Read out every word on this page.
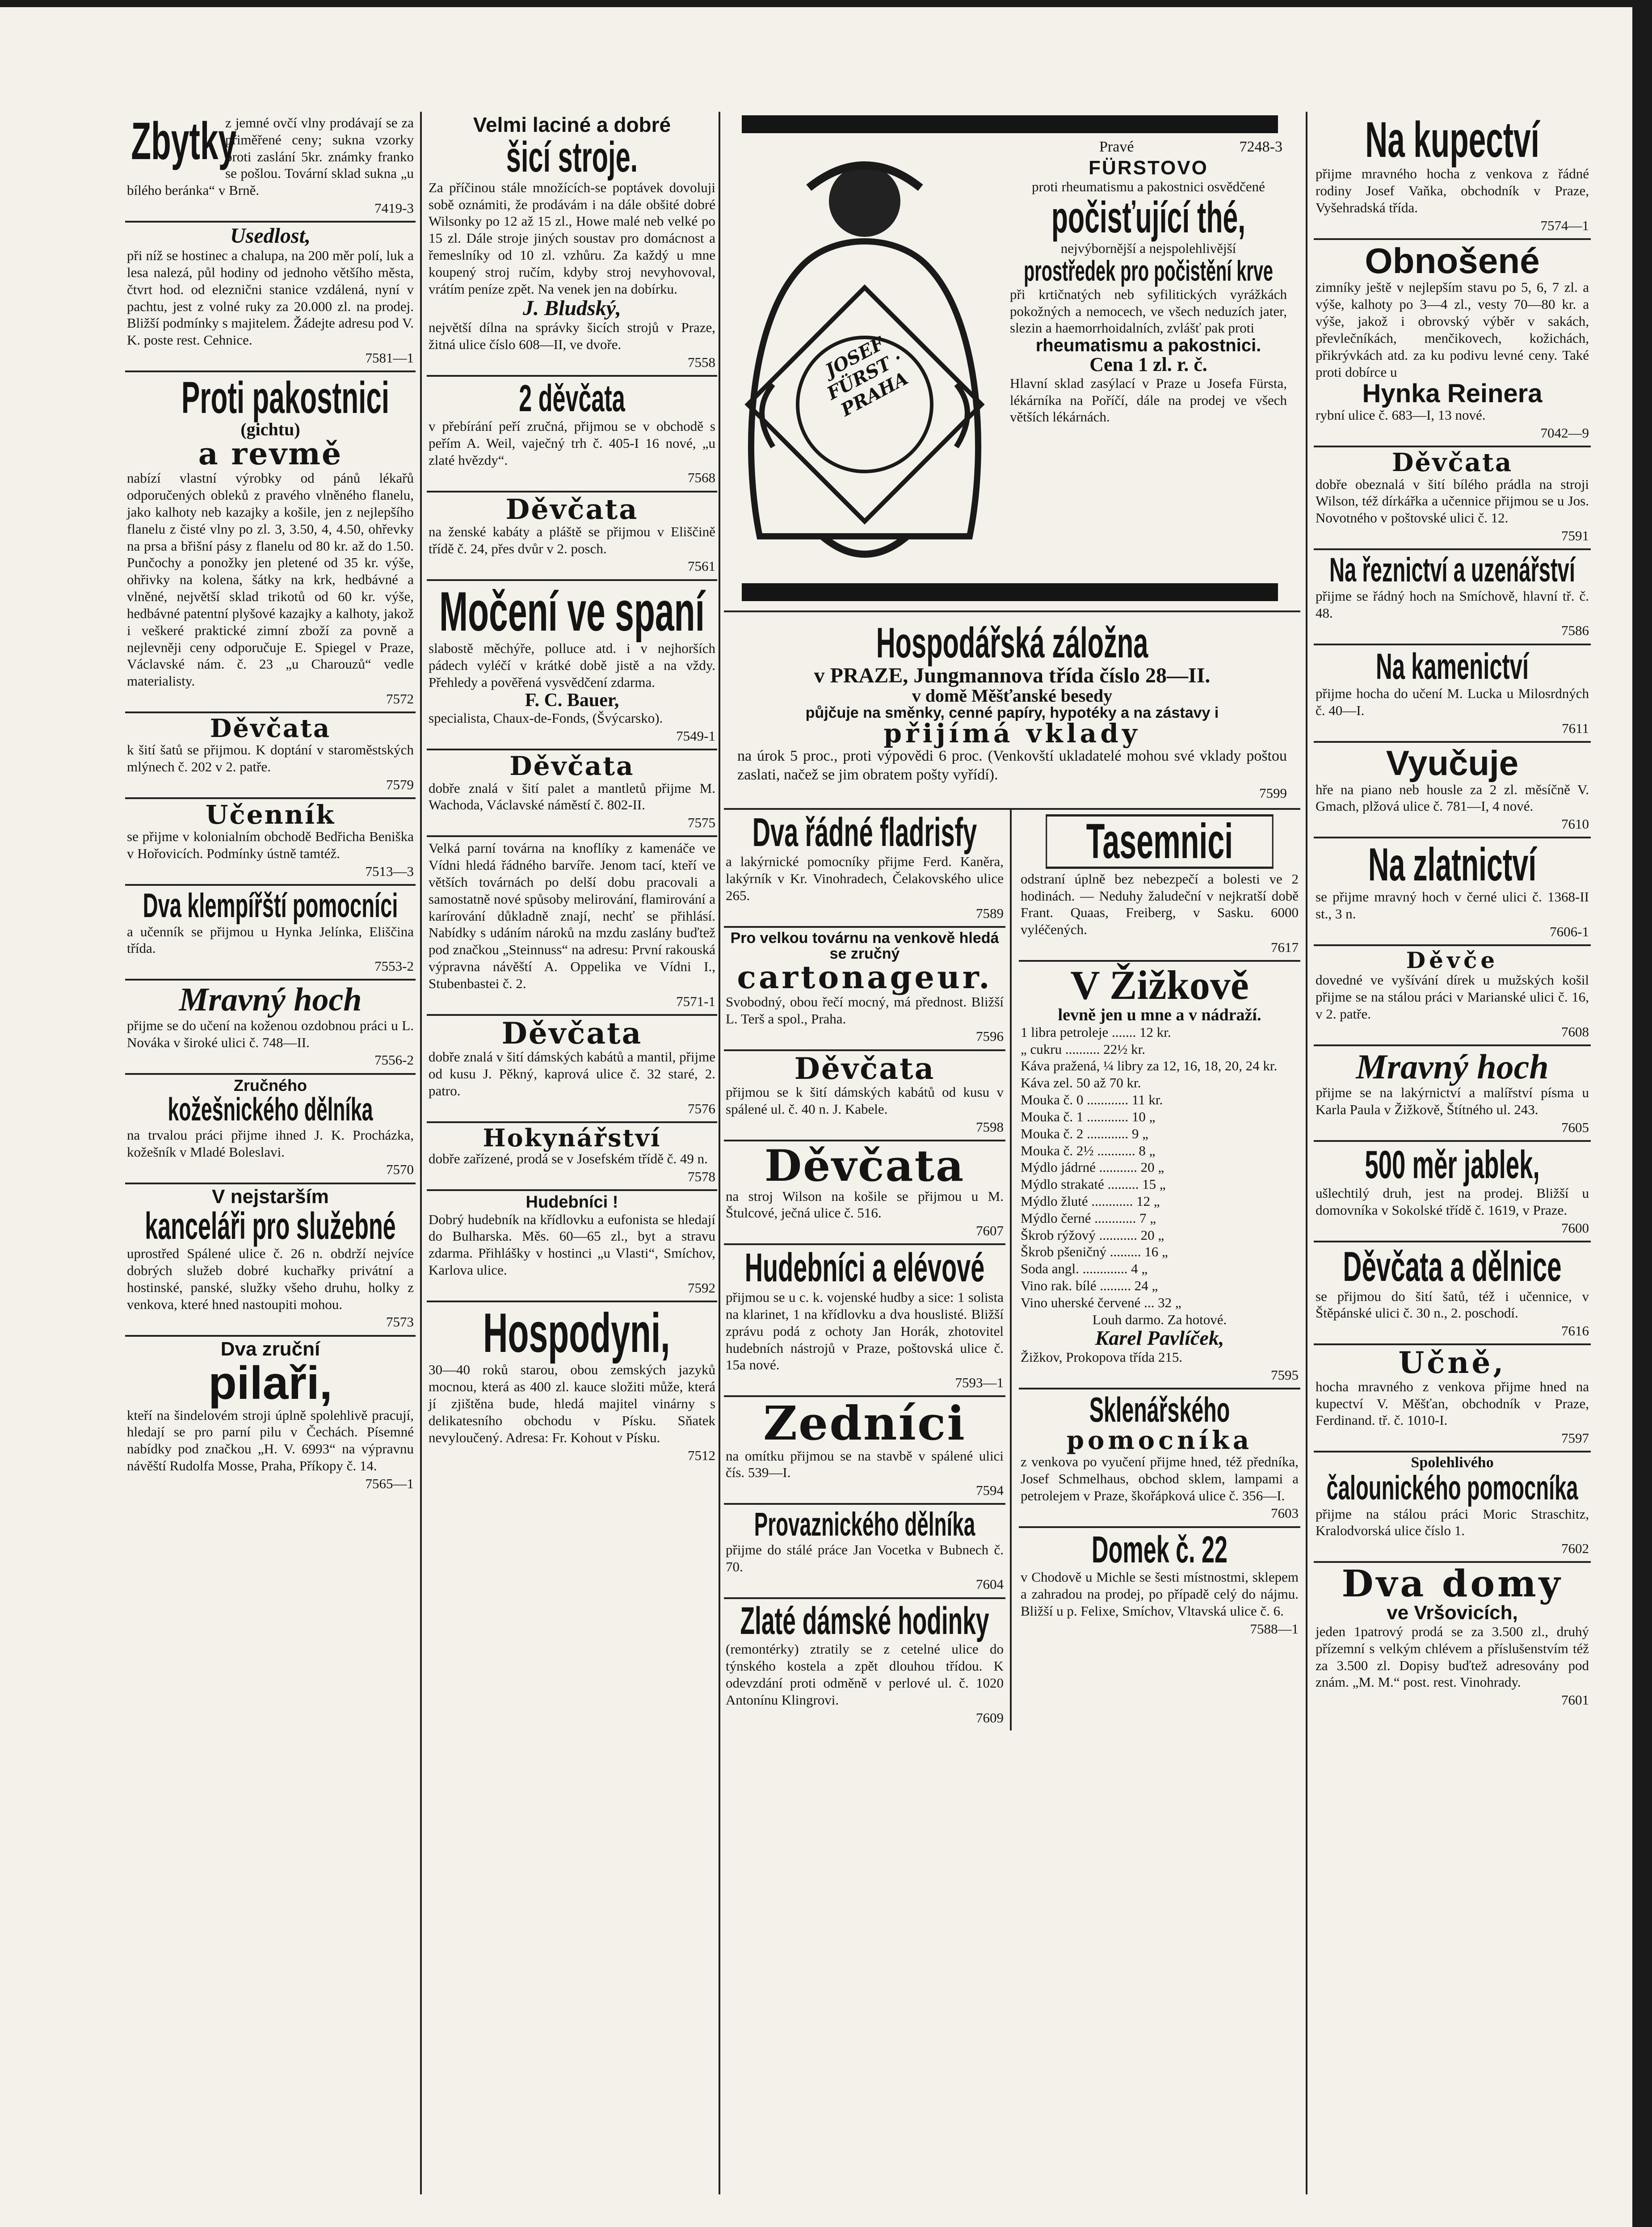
Zbytky
z jemné ovčí vlny prodávají se za přiměřené ceny; sukna vzorky proti zaslání 5kr. známky franko se pošlou. Tovární sklad sukna „u bílého beránka“ v Brně.
7419-3
Usedlost,
při níž se hostinec a chalupa, na 200 měr polí, luk a lesa nalezá, půl hodiny od jednoho většího města, čtvrt hod. od eleznični stanice vzdálená, nyní v pachtu, jest z volné ruky za 20.000 zl. na prodej. Bližší podmínky s majitelem. Žádejte adresu pod V. K. poste rest. Cehnice.
7581—1
Proti pakostnici
(gichtu)
a revmě
nabízí vlastní výrobky od pánů lékařů odporučených obleků z pravého vlněného flanelu, jako kalhoty neb kazajky a košile, jen z nejlepšího flanelu z čisté vlny po zl. 3, 3.50, 4, 4.50, ohřevky na prsa a břišní pásy z flanelu od 80 kr. až do 1.50. Punčochy a ponožky jen pletené od 35 kr. výše, ohřivky na kolena, šátky na krk, hedbávné a vlněné, největší sklad trikotů od 60 kr. výše, hedbávné patentní plyšové kazajky a kalhoty, jakož i veškeré praktické zimní zboží za povně a nejlevněji ceny odporučuje E. Spiegel v Praze, Václavské nám. č. 23 „u Charouzů“ vedle materialisty.
7572
Děvčata
k šití šatů se přijmou. K doptání v staroměstských mlýnech č. 202 v 2. patře.
7579
Učenník
se přijme v kolonialním obchodě Bedřicha Beniška v Hořovicích. Podmínky ústně tamtéž.
7513—3
Dva klempířští pomocníci
a učenník se přijmou u Hynka Jelínka, Eliščina třída.
7553-2
Mravný hoch
přijme se do učení na koženou ozdobnou práci u L. Nováka v široké ulici č. 748—II.
7556-2
Zručného
kožešnického dělníka
na trvalou práci přijme ihned J. K. Procházka, kožešník v Mladé Boleslavi.
7570
V nejstarším
kanceláři pro služebné
uprostřed Spálené ulice č. 26 n. obdrží nejvíce dobrých služeb dobré kuchařky privátní a hostinské, panské, služky všeho druhu, holky z venkova, které hned nastoupiti mohou.
7573
Dva zruční
pilaři,
kteří na šindelovém stroji úplně spolehlivě pracují, hledají se pro parní pilu v Čechách. Písemné nabídky pod značkou „H. V. 6993“ na výpravnu návěští Rudolfa Mosse, Praha, Příkopy č. 14.
7565—1
Velmi laciné a dobré
šicí stroje.
Za příčinou stále množících-se poptávek dovoluji sobě oznámiti, že prodávám i na dále obšité dobré Wilsonky po 12 až 15 zl., Howe malé neb velké po 15 zl. Dále stroje jiných soustav pro domácnost a řemeslníky od 10 zl. vzhůru. Za každý u mne koupený stroj ručím, kdyby stroj nevyhovoval, vrátím peníze zpět. Na venek jen na dobírku.
J. Bludský,
největší dílna na správky šicích strojů v Praze, žitná ulice číslo 608—II, ve dvoře.
7558
2 děvčata
v přebírání peří zručná, přijmou se v obchodě s peřím A. Weil, vaječný trh č. 405-I 16 nové, „u zlaté hvězdy“.
7568
Děvčata
na ženské kabáty a pláště se přijmou v Eliščině třídě č. 24, přes dvůr v 2. posch.
7561
Močení ve spaní
slabostě měchýře, polluce atd. i v nejhorších pádech vyléčí v krátké době jistě a na vždy. Přehledy a pověřená vysvědčení zdarma.
F. C. Bauer,
specialista, Chaux-de-Fonds, (Švýcarsko).
7549-1
Děvčata
dobře znalá v šití palet a mantletů přijme M. Wachoda, Václavské náměstí č. 802-II.
7575
Velká parní továrna na knoflíky z kamenáče ve Vídni hledá řádného barvíře. Jenom tací, kteří ve větších továrnách po delší dobu pracovali a samostatně nové spůsoby melirování, flamirování a karírování důkladně znají, nechť se přihlásí. Nabídky s udáním nároků na mzdu zaslány buďtež pod značkou „Steinnuss“ na adresu: První rakouská výpravna návěští A. Oppelika ve Vídni I., Stubenbastei č. 2.
7571-1
Děvčata
dobře znalá v šití dámských kabátů a mantil, přijme od kusu J. Pěkný, kaprová ulice č. 32 staré, 2. patro.
7576
Hokynářství
dobře zařízené, prodá se v Josefském třídě č. 49 n.
7578
Hudebníci !
Dobrý hudebník na křídlovku a eufonista se hledají do Bulharska. Měs. 60—65 zl., byt a stravu zdarma. Přihlášky v hostinci „u Vlasti“, Smíchov, Karlova ulice.
7592
Hospodyni,
30—40 roků starou, obou zemských jazyků mocnou, která as 400 zl. kauce složiti může, která jí zjištěna bude, hledá majitel vinárny s delikatesního obchodu v Písku. Sňatek nevyloučený. Adresa: Fr. Kohout v Písku.
7512
JOSEF FÜRST · PRAHA
Pravé	7248-3
FÜRSTOVO
proti rheumatismu a pakostnici osvědčené
počisťující thé,
nejvýbornější a nejspolehlivější
prostředek pro počistění krve
při krtičnatých neb syfilitických vyrážkách pokožných a nemocech, ve všech neduzích jater, slezin a haemorrhoidalních, zvlášť pak proti
rheumatismu a pakostnici.
Cena 1 zl. r. č.
Hlavní sklad zasýlací v Praze u Josefa Fürsta, lékárníka na Poříčí, dále na prodej ve všech větších lékárnách.
Hospodářská záložna
v PRAZE, Jungmannova třída číslo 28—II.
v domě Měšťanské besedy
půjčuje na směnky, cenné papíry, hypotéky a na zástavy i
přijímá vklady
na úrok 5 proc., proti výpovědi 6 proc. (Venkovští ukladatelé mohou své vklady poštou zaslati, načež se jim obratem pošty vyřídí).
7599
Dva řádné fladrisfy
a lakýrnické pomocníky přijme Ferd. Kaněra, lakýrník v Kr. Vinohradech, Čelakovského ulice 265.
7589
Pro velkou továrnu na venkově hledá se zručný
cartonageur.
Svobodný, obou řečí mocný, má přednost. Bližší L. Terš a spol., Praha.
7596
Děvčata
přijmou se k šití dámských kabátů od kusu v spálené ul. č. 40 n. J. Kabele.
7598
Děvčata
na stroj Wilson na košile se přijmou u M. Štulcové, ječná ulice č. 516.
7607
Hudebníci a elévové
přijmou se u c. k. vojenské hudby a sice: 1 solista na klarinet, 1 na křídlovku a dva houslisté. Bližší zprávu podá z ochoty Jan Horák, zhotovitel hudebních nástrojů v Praze, poštovská ulice č. 15a nové.
7593—1
Zedníci
na omítku přijmou se na stavbě v spálené ulici čís. 539—I.
7594
Provaznického dělníka
přijme do stálé práce Jan Vocetka v Bubnech č. 70.
7604
Zlaté dámské hodinky
(remontérky) ztratily se z cetelné ulice do týnského kostela a zpět dlouhou třídou. K odevzdání proti odměně v perlové ul. č. 1020 Antonínu Klingrovi.
7609
Tasemnici
odstraní úplně bez nebezpečí a bolesti ve 2 hodinách. — Neduhy žaludeční v nejkratší době Frant. Quaas, Freiberg, v Sasku. 6000 vyléčených.
7617
V Žižkově
levně jen u mne a v nádraží.
1 libra petroleje ....... 12 kr.
„ cukru .......... 22½ kr.
Káva pražená, ¼ libry za 12, 16, 18, 20, 24 kr.
Káva zel. 50 až 70 kr.
Mouka č. 0 ............ 11 kr.
Mouka č. 1 ............ 10 „
Mouka č. 2 ............ 9 „
Mouka č. 2½ ........... 8 „
Mýdlo jádrné ........... 20 „
Mýdlo strakaté ......... 15 „
Mýdlo žluté ............ 12 „
Mýdlo černé ............ 7 „
Škrob rýžový ........... 20 „
Škrob pšeničný ......... 16 „
Soda angl. ............. 4 „
Vino rak. bílé ......... 24 „
Vino uherské červené ... 32 „
Louh darmo. Za hotové.
Karel Pavlíček,
Žižkov, Prokopova třída 215.
7595
Sklenářského
pomocníka
z venkova po vyučení přijme hned, též předníka, Josef Schmelhaus, obchod sklem, lampami a petrolejem v Praze, škořápková ulice č. 356—I.
7603
Domek č. 22
v Chodově u Michle se šesti místnostmi, sklepem a zahradou na prodej, po případě celý do nájmu. Bližší u p. Felixe, Smíchov, Vltavská ulice č. 6.
7588—1
Na kupectví
přijme mravného hocha z venkova z řádné rodiny Josef Vaňka, obchodník v Praze, Vyšehradská třída.
7574—1
Obnošené
zimníky ještě v nejlepším stavu po 5, 6, 7 zl. a výše, kalhoty po 3—4 zl., vesty 70—80 kr. a výše, jakož i obrovský výběr v sakách, převlečníkách, menčikovech, kožichách, přikrývkách atd. za ku podivu levné ceny. Také proti dobírce u
Hynka Reinera
rybní ulice č. 683—I, 13 nové.
7042—9
Děvčata
dobře obeznalá v šití bílého prádla na stroji Wilson, též dírkářka a učennice přijmou se u Jos. Novotného v poštovské ulici č. 12.
7591
Na řeznictví a uzenářství
přijme se řádný hoch na Smíchově, hlavní tř. č. 48.
7586
Na kamenictví
přijme hocha do učení M. Lucka u Milosrdných č. 40—I.
7611
Vyučuje
hře na piano neb housle za 2 zl. měsíčně V. Gmach, plžová ulice č. 781—I, 4 nové.
7610
Na zlatnictví
se přijme mravný hoch v černé ulici č. 1368-II st., 3 n.
7606-1
Děvče
dovedné ve vyšívání dírek u mužských košil přijme se na stálou práci v Marianské ulici č. 16, v 2. patře.
7608
Mravný hoch
přijme se na lakýrnictví a malířství písma u Karla Paula v Žižkově, Štítného ul. 243.
7605
500 měr jablek,
ušlechtilý druh, jest na prodej. Bližší u domovníka v Sokolské třídě č. 1619, v Praze.
7600
Děvčata a dělnice
se přijmou do šití šatů, též i učennice, v Štěpánské ulici č. 30 n., 2. poschodí.
7616
Učně,
hocha mravného z venkova přijme hned na kupectví V. Měšťan, obchodník v Praze, Ferdinand. tř. č. 1010-I.
7597
Spolehlivého
čalounického pomocníka
přijme na stálou práci Moric Straschitz, Kralodvorská ulice číslo 1.
7602
Dva domy
ve Vršovicích,
jeden 1patrový prodá se za 3.500 zl., druhý přízemní s velkým chlévem a příslušenstvím též za 3.500 zl. Dopisy buďtež adresovány pod znám. „M. M.“ post. rest. Vinohrady.
7601
